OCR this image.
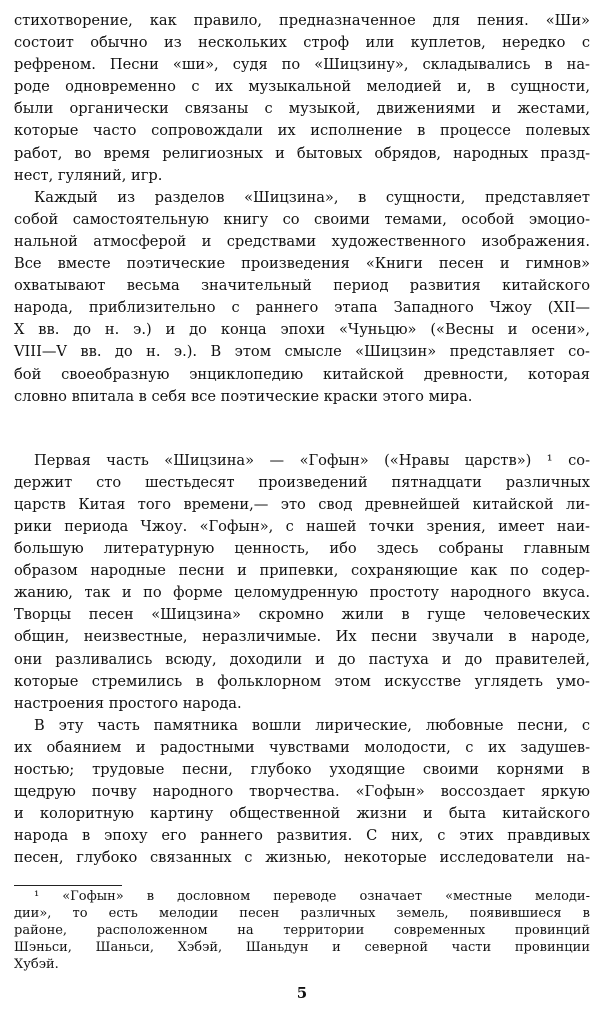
стихотворение, как правило, предназначенное для пения. «Ши»
состоит обычно из нескольких строф или куплетов, нередко с
рефреном. Песни «ши», судя по «Шицзину», складывались в на-
роде одновременно с их музыкальной мелодией и, в сущности,
были органически связаны с музыкой, движениями и жестами,
которые часто сопровождали их исполнение в процессе полевых
работ, во время религиозных и бытовых обрядов, народных празд-
нест, гуляний, игр.
Каждый из разделов «Шицзина», в сущности, представляет
собой самостоятельную книгу со своими темами, особой эмоцио-
нальной атмосферой и средствами художественного изображения.
Все вместе поэтические произведения «Книги песен и гимнов»
охватывают весьма значительный период развития китайского
народа, приблизительно с раннего этапа Западного Чжоу (XII—
X вв. до н. э.) и до конца эпохи «Чуньцю» («Весны и осени»,
VIII—V вв. до н. э.). В этом смысле «Шицзин» представляет со-
бой своеобразную энциклопедию китайской древности, которая
словно впитала в себя все поэтические краски этого мира.
Первая часть «Шицзина» — «Гофын» («Нравы царств») ¹ со-
держит сто шестьдесят произведений пятнадцати различных
царств Китая того времени,— это свод древнейшей китайской ли-
рики периода Чжоу. «Гофын», с нашей точки зрения, имеет наи-
большую литературную ценность, ибо здесь собраны главным
образом народные песни и припевки, сохраняющие как по содер-
жанию, так и по форме целомудренную простоту народного вкуса.
Творцы песен «Шицзина» скромно жили в гуще человеческих
общин, неизвестные, неразличимые. Их песни звучали в народе,
они разливались всюду, доходили и до пастуха и до правителей,
которые стремились в фольклорном этом искусстве углядеть умо-
настроения простого народа.
В эту часть памятника вошли лирические, любовные песни, с
их обаянием и радостными чувствами молодости, с их задушев-
ностью; трудовые песни, глубоко уходящие своими корнями в
щедрую почву народного творчества. «Гофын» воссоздает яркую
и колоритную картину общественной жизни и быта китайского
народа в эпоху его раннего развития. С них, с этих правдивых
песен, глубоко связанных с жизнью, некоторые исследователи на-
¹ «Гофын» в дословном переводе означает «местные мелоди-
дии», то есть мелодии песен различных земель, появившиеся в
районе, расположенном на территории современных провинций
Шэньси, Шаньси, Хэбэй, Шаньдун и северной части провинции
Хубэй.
5
